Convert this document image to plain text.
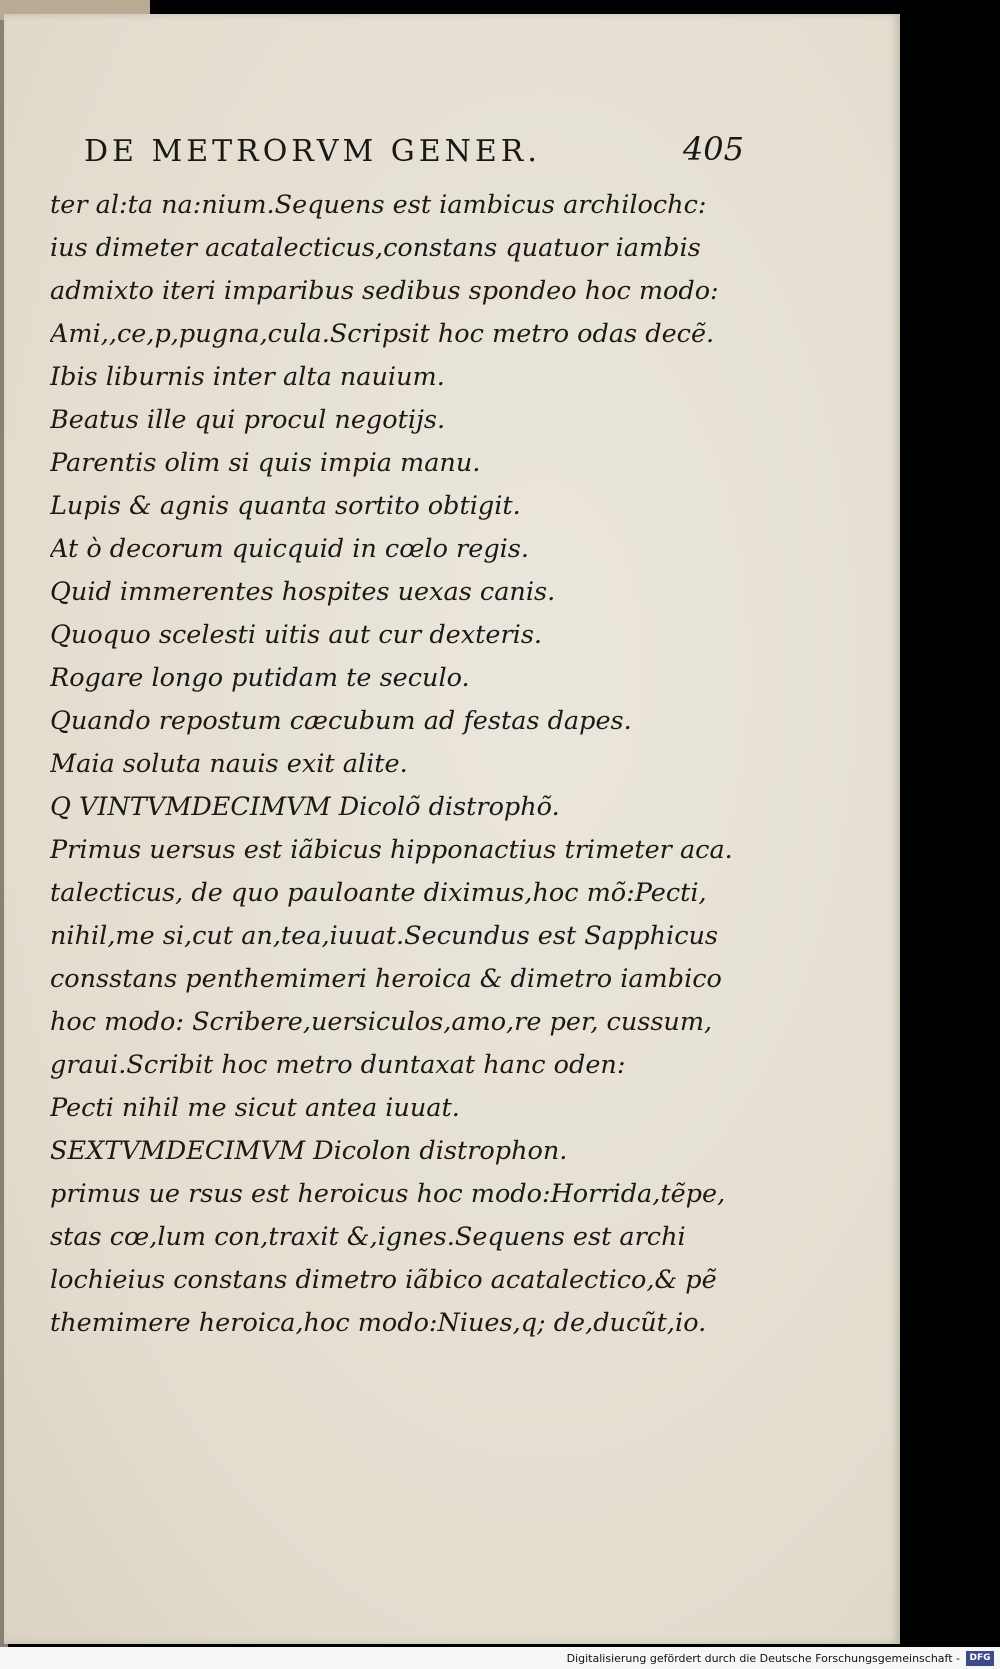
DE METRORVM GENER.	405
ter al:ta na:nium.Sequens est iambicus archilochc:
ius dimeter acatalecticus,constans quatuor iambis
admixto iteri imparibus sedibus spondeo hoc modo:
Ami,,ce,p,pugna,cula.Scripsit hoc metro odas decẽ.
Ibis liburnis inter alta nauium.
Beatus ille qui procul negotijs.
Parentis olim si quis impia manu.
Lupis & agnis quanta sortito obtigit.
At ò decorum quicquid in cœlo regis.
Quid immerentes hospites uexas canis.
Quoquo scelesti uitis aut cur dexteris.
Rogare longo putidam te seculo.
Quando repostum cæcubum ad festas dapes.
Maia soluta nauis exit alite.
Q VINTVMDECIMVM Dicolõ distrophõ.
Primus uersus est iãbicus hipponactius trimeter aca.
talecticus, de quo pauloante diximus,hoc mõ:Pecti,
nihil,me si,cut an,tea,iuuat.Secundus est Sapphicus
consstans penthemimeri heroica & dimetro iambico
hoc modo: Scribere,uersiculos,amo,re per, cussum,
graui.Scribit hoc metro duntaxat hanc oden:
Pecti nihil me sicut antea iuuat.
SEXTVMDECIMVM Dicolon distrophon.
primus ue rsus est heroicus hoc modo:Horrida,tẽpe,
stas cœ,lum con,traxit &,ignes.Sequens est archi
lochieius constans dimetro iãbico acatalectico,& pẽ
themimere heroica,hoc modo:Niues,q; de,ducũt,io.
Digitalisierung gefördert durch die Deutsche Forschungsgemeinschaft -	DFG
